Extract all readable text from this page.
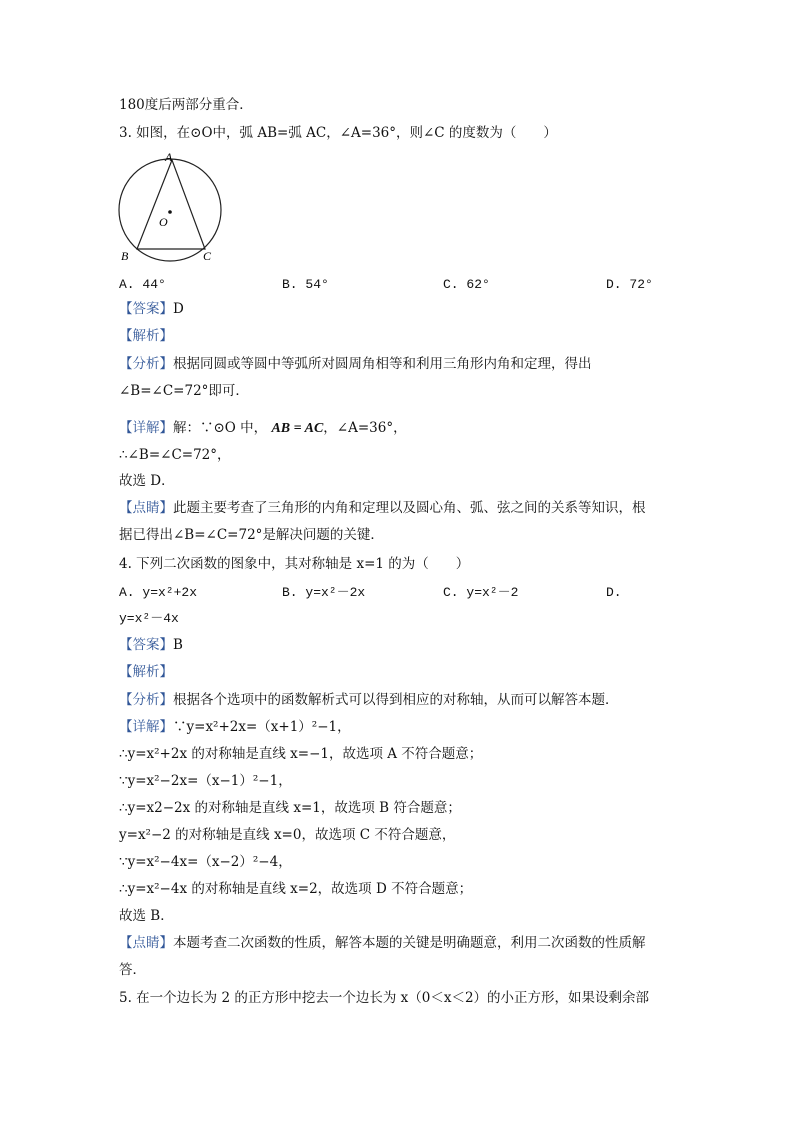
180度后两部分重合．
3. 如图，在⊙O中，弧 AB=弧 AC，∠A=36°，则∠C 的度数为（　　）
A
O
B	C
A. 44°	B. 54°	C. 62°	D. 72°
【答案】D
【解析】
【分析】根据同圆或等圆中等弧所对圆周角相等和利用三角形内角和定理，得出
∠B=∠C=72°即可．
【详解】解：∵⊙O 中， AB = AC，∠A=36°，
∴∠B=∠C=72°，
故选 D．
【点睛】此题主要考查了三角形的内角和定理以及圆心角、弧、弦之间的关系等知识，根
据已得出∠B=∠C=72°是解决问题的关键．
4. 下列二次函数的图象中，其对称轴是 x=1 的为（　　）
A. y=x²+2x	B. y=x²－2x	C. y=x²－2	D.
y=x²－4x
【答案】B
【解析】
【分析】根据各个选项中的函数解析式可以得到相应的对称轴，从而可以解答本题．
【详解】∵y=x²+2x=（x+1）²−1，
∴y=x²+2x 的对称轴是直线 x=−1，故选项 A 不符合题意；
∵y=x²−2x=（x−1）²−1，
∴y=x2−2x 的对称轴是直线 x=1，故选项 B 符合题意；
y=x²−2 的对称轴是直线 x=0，故选项 C 不符合题意，
∵y=x²−4x=（x−2）²−4，
∴y=x²−4x 的对称轴是直线 x=2，故选项 D 不符合题意；
故选 B．
【点睛】本题考查二次函数的性质，解答本题的关键是明确题意，利用二次函数的性质解
答．
5. 在一个边长为 2 的正方形中挖去一个边长为 x（0＜x＜2）的小正方形，如果设剩余部
